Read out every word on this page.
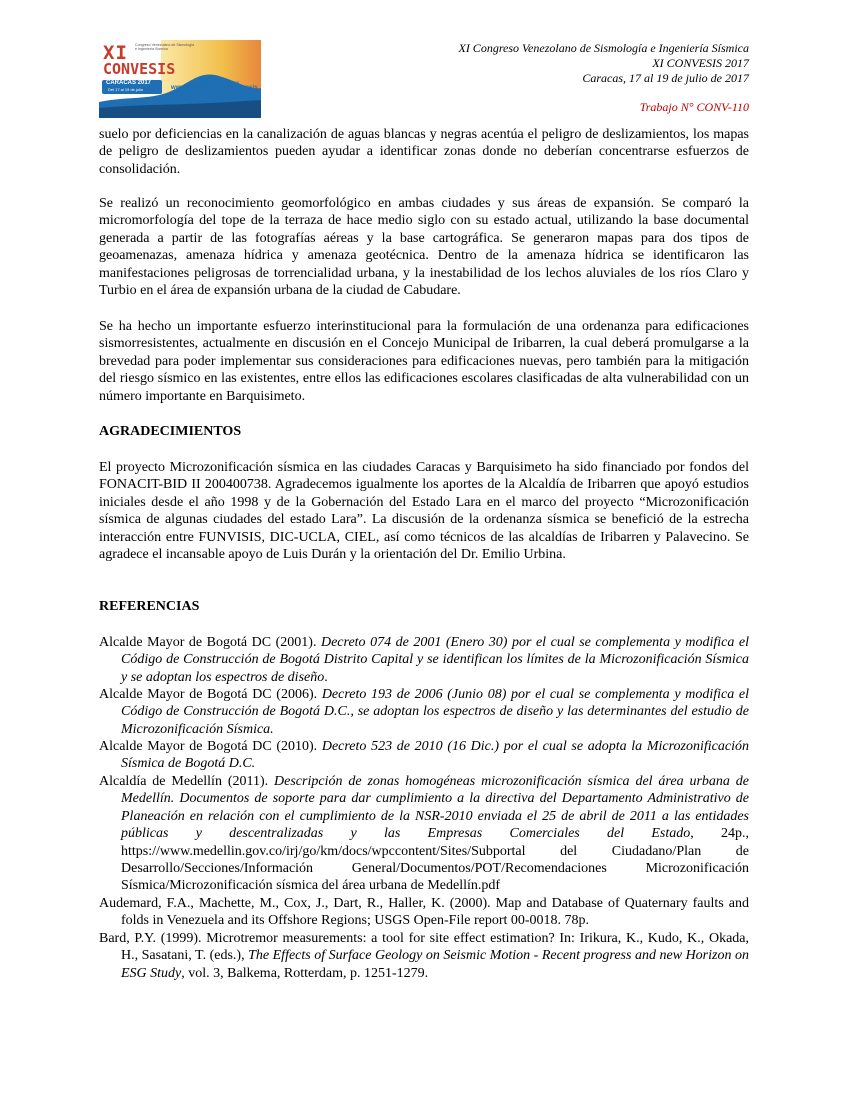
XI
CONVESIS
Congreso Venezolano de Sismología e Ingeniería Sísmica
CARACAS 2017
Del 17 al 19 de julio
inscripciones abiertas
www.funvisis.gob.ve/convesis
XI Congreso Venezolano de Sismología e Ingeniería Sísmica
XI CONVESIS 2017
Caracas, 17 al 19 de julio de 2017
Trabajo N° CONV-110

suelo por deficiencias en la canalización de aguas blancas y negras acentúa el peligro de deslizamientos, los mapas de peligro de deslizamientos pueden ayudar a identificar zonas donde no deberían concentrarse esfuerzos de consolidación.

Se realizó un reconocimiento geomorfológico en ambas ciudades y sus áreas de expansión. Se comparó la micromorfología del tope de la terraza de hace medio siglo con su estado actual, utilizando la base documental generada a partir de las fotografías aéreas y la base cartográfica. Se generaron mapas para dos tipos de geoamenazas, amenaza hídrica y amenaza geotécnica. Dentro de la amenaza hídrica se identificaron las manifestaciones peligrosas de torrencialidad urbana, y la inestabilidad de los lechos aluviales de los ríos Claro y Turbio en el área de expansión urbana de la ciudad de Cabudare.

Se ha hecho un importante esfuerzo interinstitucional para la formulación de una ordenanza para edificaciones sismorresistentes, actualmente en discusión en el Concejo Municipal de Iribarren, la cual deberá promulgarse a la brevedad para poder implementar sus consideraciones para edificaciones nuevas, pero también para la mitigación del riesgo sísmico en las existentes, entre ellos las edificaciones escolares clasificadas de alta vulnerabilidad con un número importante en Barquisimeto.

AGRADECIMIENTOS

El proyecto Microzonificación sísmica en las ciudades Caracas y Barquisimeto ha sido financiado por fondos del FONACIT-BID II 200400738. Agradecemos igualmente los aportes de la Alcaldía de Iribarren que apoyó estudios iniciales desde el año 1998 y de la Gobernación del Estado Lara en el marco del proyecto “Microzonificación sísmica de algunas ciudades del estado Lara”. La discusión de la ordenanza sísmica se benefició de la estrecha interacción entre FUNVISIS, DIC-UCLA, CIEL, así como técnicos de las alcaldías de Iribarren y Palavecino. Se agradece el incansable apoyo de Luis Durán y la orientación del Dr. Emilio Urbina.

REFERENCIAS
Alcalde Mayor de Bogotá DC (2001). Decreto 074 de 2001 (Enero 30) por el cual se complementa y modifica el Código de Construcción de Bogotá Distrito Capital y se identifican los límites de la Microzonificación Sísmica y se adoptan los espectros de diseño.
Alcalde Mayor de Bogotá DC (2006). Decreto 193 de 2006 (Junio 08) por el cual se complementa y modifica el Código de Construcción de Bogotá D.C., se adoptan los espectros de diseño y las determinantes del estudio de Microzonificación Sísmica.
Alcalde Mayor de Bogotá DC (2010). Decreto 523 de 2010 (16 Dic.) por el cual se adopta la Microzonificación Sísmica de Bogotá D.C.
Alcaldía de Medellín (2011). Descripción de zonas homogéneas microzonificación sísmica del área urbana de Medellín. Documentos de soporte para dar cumplimiento a la directiva del Departamento Administrativo de Planeación en relación con el cumplimiento de la NSR-2010 enviada el 25 de abril de 2011 a las entidades públicas y descentralizadas y las Empresas Comerciales del Estado, 24p., https://www.medellin.gov.co/irj/go/km/docs/wpccontent/Sites/Subportal del Ciudadano/Plan de Desarrollo/Secciones/Información General/Documentos/POT/Recomendaciones Microzonificación Sísmica/Microzonificación sísmica del área urbana de Medellín.pdf
Audemard, F.A., Machette, M., Cox, J., Dart, R., Haller, K. (2000). Map and Database of Quaternary faults and folds in Venezuela and its Offshore Regions; USGS Open-File report 00-0018. 78p.
Bard, P.Y. (1999). Microtremor measurements: a tool for site effect estimation? In: Irikura, K., Kudo, K., Okada, H., Sasatani, T. (eds.), The Effects of Surface Geology on Seismic Motion - Recent progress and new Horizon on ESG Study, vol. 3, Balkema, Rotterdam, p. 1251-1279.
